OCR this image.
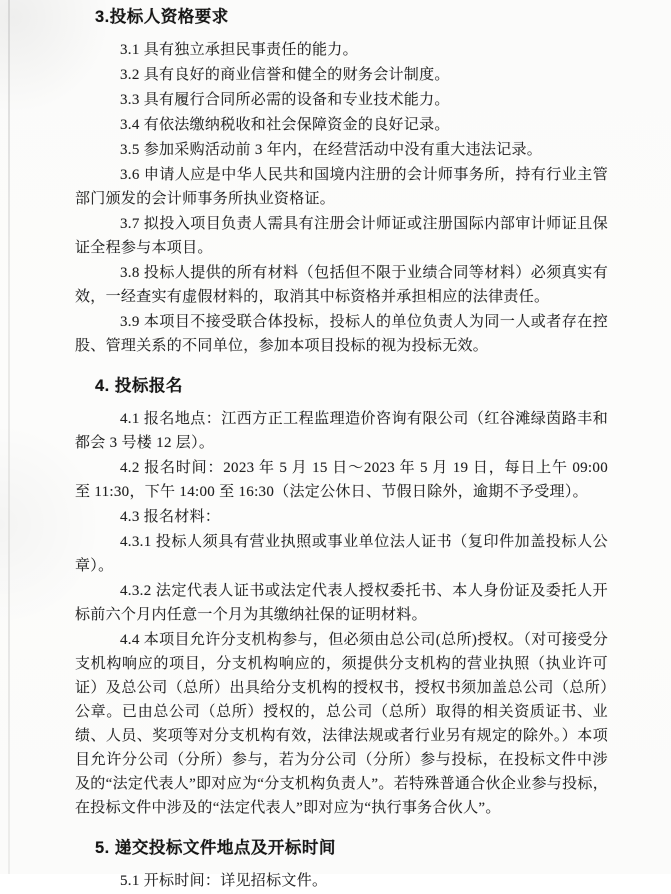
3.投标人资格要求

3.1 具有独立承担民事责任的能力。

3.2 具有良好的商业信誉和健全的财务会计制度。

3.3 具有履行合同所必需的设备和专业技术能力。

3.4 有依法缴纳税收和社会保障资金的良好记录。

3.5 参加采购活动前 3 年内，在经营活动中没有重大违法记录。

3.6 申请人应是中华人民共和国境内注册的会计师事务所，持有行业主管部门颁发的会计师事务所执业资格证。

3.7 拟投入项目负责人需具有注册会计师证或注册国际内部审计师证且保证全程参与本项目。

3.8 投标人提供的所有材料（包括但不限于业绩合同等材料）必须真实有效，一经查实有虚假材料的，取消其中标资格并承担相应的法律责任。

3.9 本项目不接受联合体投标，投标人的单位负责人为同一人或者存在控股、管理关系的不同单位，参加本项目投标的视为投标无效。

4. 投标报名

4.1 报名地点：江西方正工程监理造价咨询有限公司（红谷滩绿茵路丰和都会 3 号楼 12 层）。

4.2 报名时间：2023 年 5 月 15 日～2023 年 5 月 19 日，每日上午 09:00 至 11:30，下午 14:00 至 16:30（法定公休日、节假日除外，逾期不予受理）。

4.3 报名材料：

4.3.1 投标人须具有营业执照或事业单位法人证书（复印件加盖投标人公章）。

4.3.2 法定代表人证书或法定代表人授权委托书、本人身份证及委托人开标前六个月内任意一个月为其缴纳社保的证明材料。

4.4 本项目允许分支机构参与，但必须由总公司(总所)授权。（对可接受分支机构响应的项目，分支机构响应的，须提供分支机构的营业执照（执业许可证）及总公司（总所）出具给分支机构的授权书，授权书须加盖总公司（总所）公章。已由总公司（总所）授权的，总公司（总所）取得的相关资质证书、业绩、人员、奖项等对分支机构有效，法律法规或者行业另有规定的除外。）本项目允许分公司（分所）参与，若为分公司（分所）参与投标，在投标文件中涉及的“法定代表人”即对应为“分支机构负责人”。若特殊普通合伙企业参与投标，在投标文件中涉及的“法定代表人”即对应为“执行事务合伙人”。

5. 递交投标文件地点及开标时间

5.1 开标时间：详见招标文件。
